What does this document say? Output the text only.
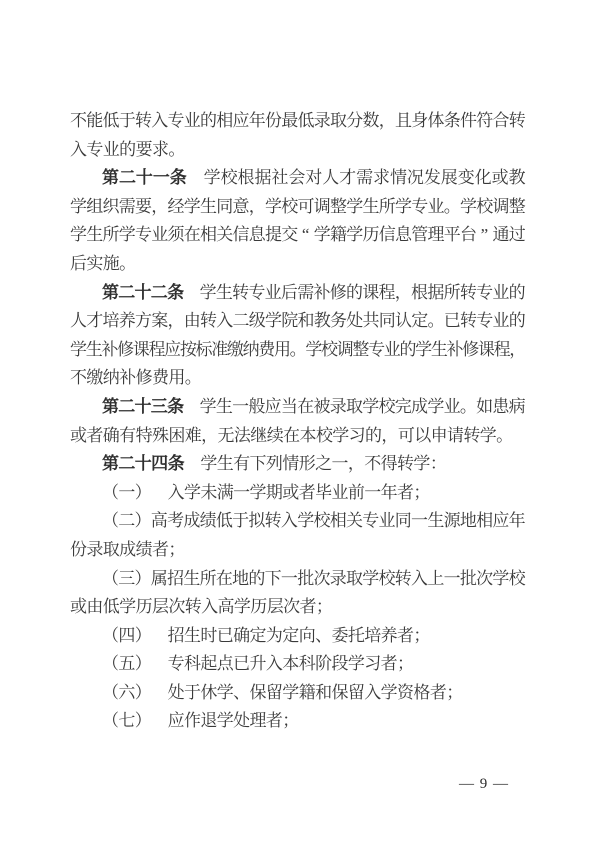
不 能 低 于 转 入 专 业 的 相 应 年 份 最 低 录 取 分 数 ， 且 身 体 条 件 符 合 转
入专业的要求。
第 二 十 一 条
　 学 校 根 据 社 会 对 人 才 需 求 情 况 发 展 变 化 或 教
学 组 织 需 要 ， 经 学 生 同 意 ， 学 校 可 调 整 学 生 所 学 专 业 。 学 校 调 整
学 生 所 学 专 业 须 在 相 关 信 息 提 交 “ 学 籍 学 历 信 息 管 理 平 台 ” 通 过
后实施。
第 二 十 二 条
　 学 生 转 专 业 后 需 补 修 的 课 程 ， 根 据 所 转 专 业 的
人 才 培 养 方 案 ， 由 转 入 二 级 学 院 和 教 务 处 共 同 认 定 。 已 转 专 业 的
学
生
补
修
课
程
应
按
标
准
缴
纳
费
用
。
学
校
调
整
专
业
的
学
生
补
修
课
程
，
不缴纳补修费用。
第 二 十 三 条
　 学 生 一 般 应 当 在 被 录 取 学 校 完 成 学 业 。 如 患 病
或者确有特殊困难，无法继续在本校学习的，可以申请转学。
第二十四条　 学生有下列情形之一，不得转学：
（一）　 入学未满一学期或者毕业前一年者；
（ 二 ） 高 考 成 绩 低 于 拟 转 入 学 校 相 关 专 业 同 一 生 源 地 相 应 年
份录取成绩者；
（ 三 ） 属 招 生 所 在 地 的 下 一 批 次 录 取 学 校 转 入 上 一 批 次 学 校
或由低学历层次转入高学历层次者；
（四）　 招生时已确定为定向、委托培养者；
（五）　 专科起点已升入本科阶段学习者；
（六）　 处于休学、保留学籍和保留入学资格者；
（七）　 应作退学处理者；
— 9 —
